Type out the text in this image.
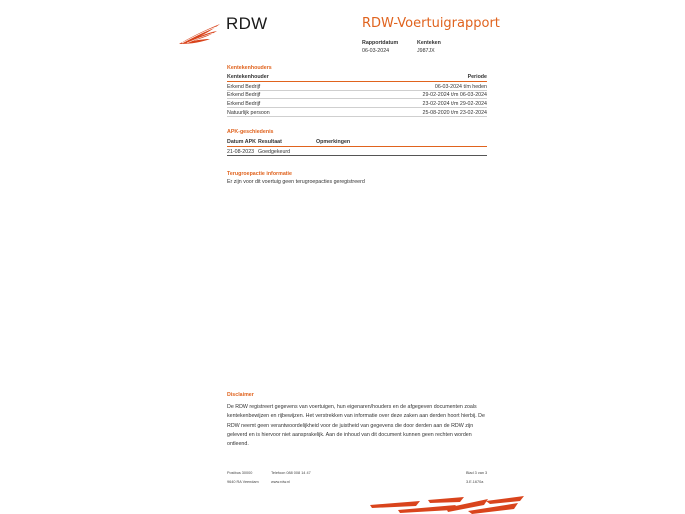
RDW	RDW-Voertuigrapport
Rapportdatum
06-03-2024
Kenteken
J987JX
Kentekenhouders
Kentekenhouder	Periode
Erkend Bedrijf	06-03-2024 t/m heden
Erkend Bedrijf	29-02-2024 t/m 06-03-2024
Erkend Bedrijf	23-02-2024 t/m 29-02-2024
Natuurlijk persoon	25-08-2020 t/m 23-02-2024
APK-geschiedenis
Datum APK Resultaat	Opmerkingen
21-08-2023 Goedgekeurd
Terugroepactie informatie
Er zijn voor dit voertuig geen terugroepacties geregistreerd
Disclaimer
De RDW registreert gegevens van voertuigen, hun eigenaren/houders en de afgegeven documenten zoals kentekenbewijzen en rijbewijzen. Het verstrekken van informatie over deze zaken aan derden hoort hierbij. De RDW neemt geen verantwoordelijkheid voor de juistheid van gegevens die door derden aan de RDW zijn geleverd en is hiervoor niet aansprakelijk. Aan de inhoud van dit document kunnen geen rechten worden ontleend.
Postbus 30000
9640 RA Veendam
Telefoon 088 008 14 47
www.rdw.nl
Blad 3 van 3
3.E.1670a
